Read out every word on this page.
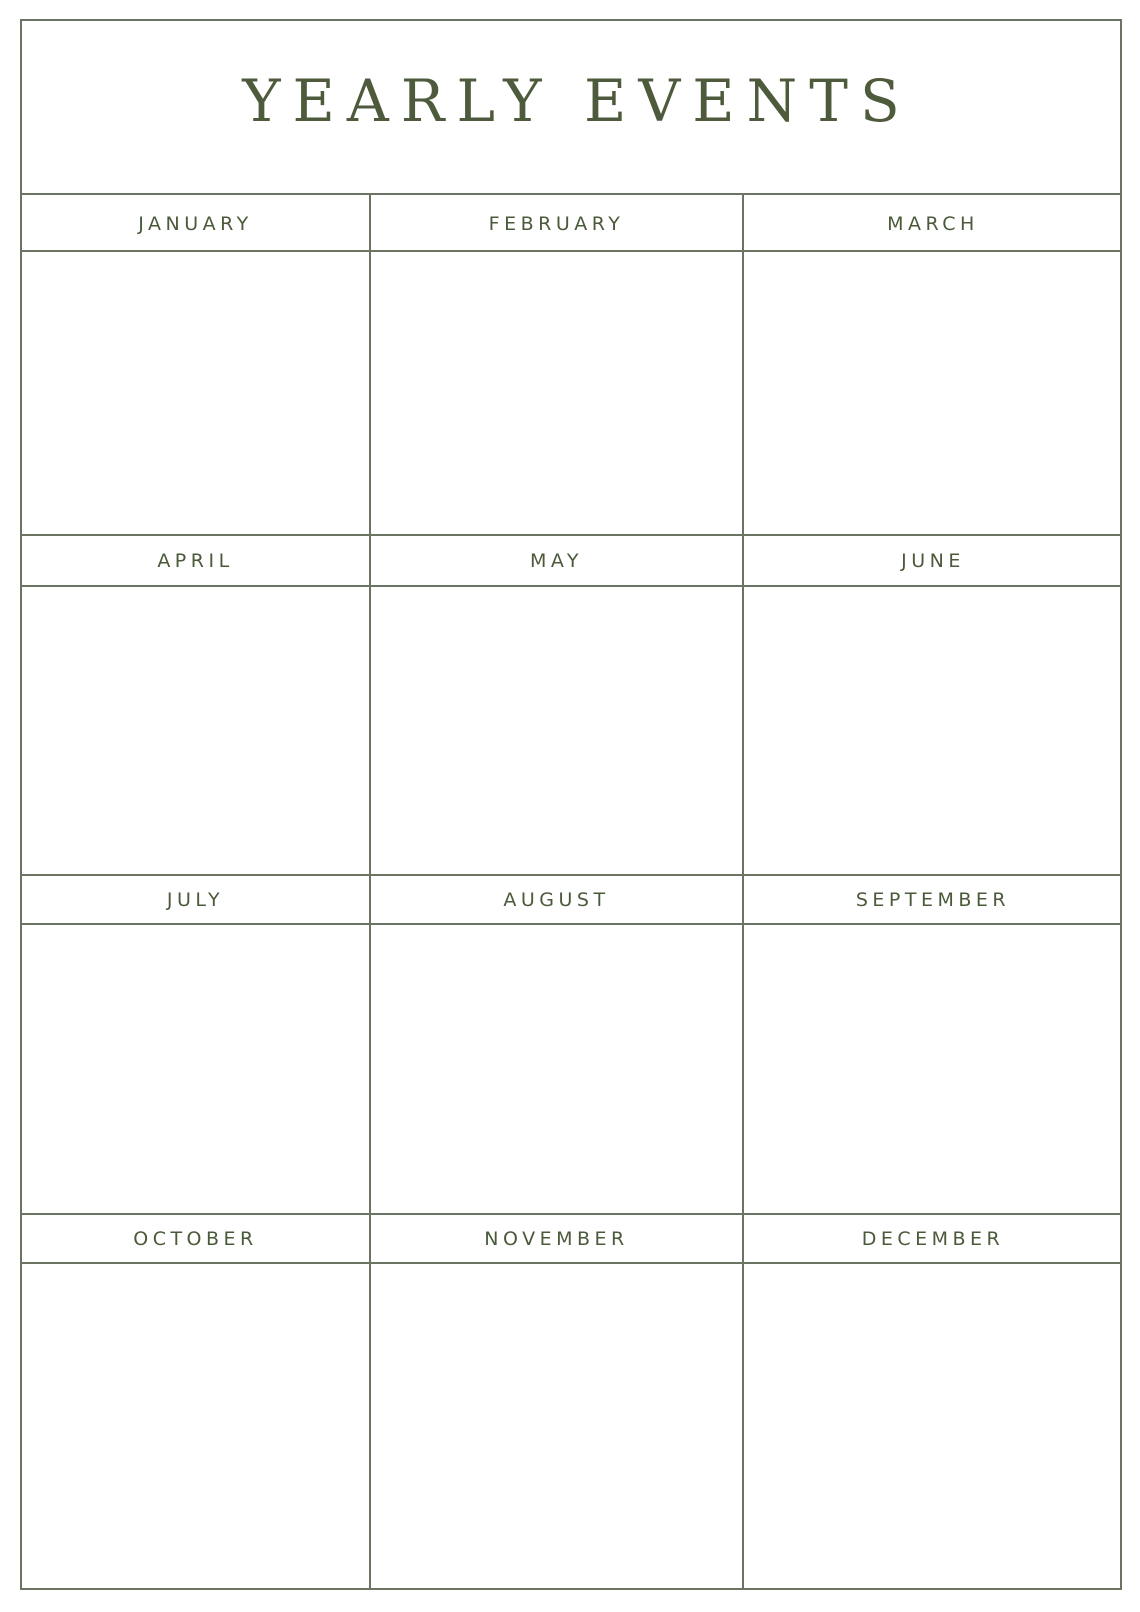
YEARLY EVENTS
JANUARY	FEBRUARY	MARCH
APRIL	MAY	JUNE
JULY	AUGUST	SEPTEMBER
OCTOBER	NOVEMBER	DECEMBER
